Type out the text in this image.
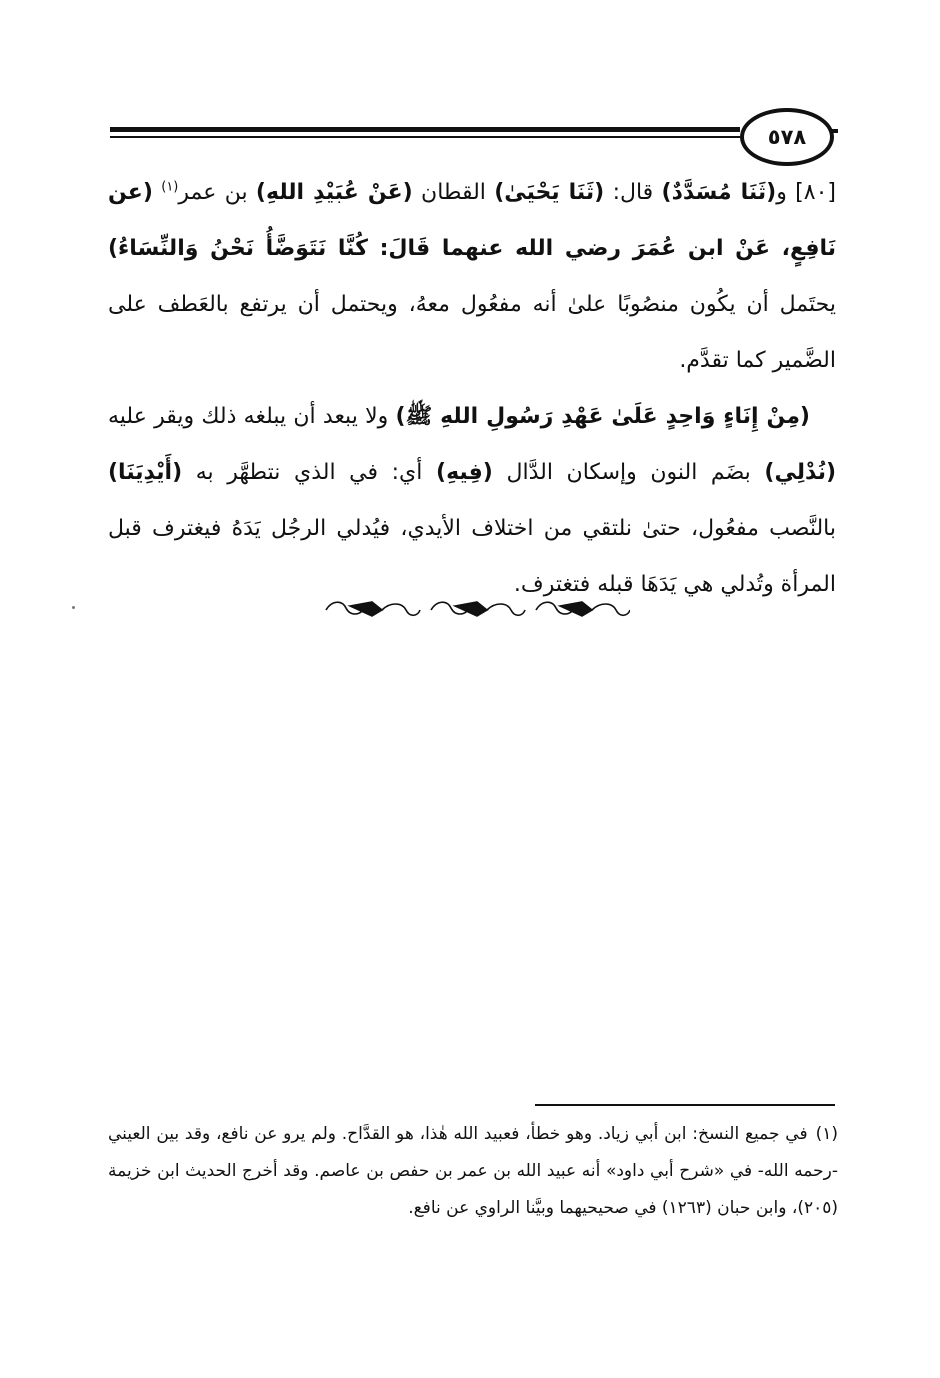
٥٧٨

[٨٠] و(ثَنَا مُسَدَّدٌ) قال: (ثَنَا يَحْيَىٰ) القطان (عَنْ عُبَيْدِ اللهِ) بن عمر$^{(١)}$ (عن نَافِعٍ، عَنْ ابن عُمَرَ رضي الله عنهما قَالَ: كُنَّا نَتَوَضَّأُ نَحْنُ وَالنِّسَاءُ) يحتَمل أن يكُون منصُوبًا علىٰ أنه مفعُول معهُ، ويحتمل أن يرتفع بالعَطف على الضَّمير كما تقدَّم.

(مِنْ إِنَاءٍ وَاحِدٍ عَلَىٰ عَهْدِ رَسُولِ اللهِ ﷺ) ولا يبعد أن يبلغه ذلك ويقر عليه (نُدْلِي) بضَم النون وإسكان الدَّال (فِيهِ) أي: في الذي نتطهَّر به (أَيْدِيَنَا) بالنَّصب مفعُول، حتىٰ نلتقي من اختلاف الأيدي، فيُدلي الرجُل يَدَهُ فيغترف قبل المرأة وتُدلي هي يَدَهَا قبله فتغترف.

(١)في جميع النسخ: ابن أبي زياد. وهو خطأ، فعبيد الله هٰذا، هو القدَّاح. ولم يرو عن نافع، وقد بين العيني -رحمه الله- في «شرح أبي داود» أنه عبيد الله بن عمر بن حفص بن عاصم. وقد أخرج الحديث ابن خزيمة (٢٠٥)، وابن حبان (١٢٦٣) في صحيحيهما وبيَّنا الراوي عن نافع.
